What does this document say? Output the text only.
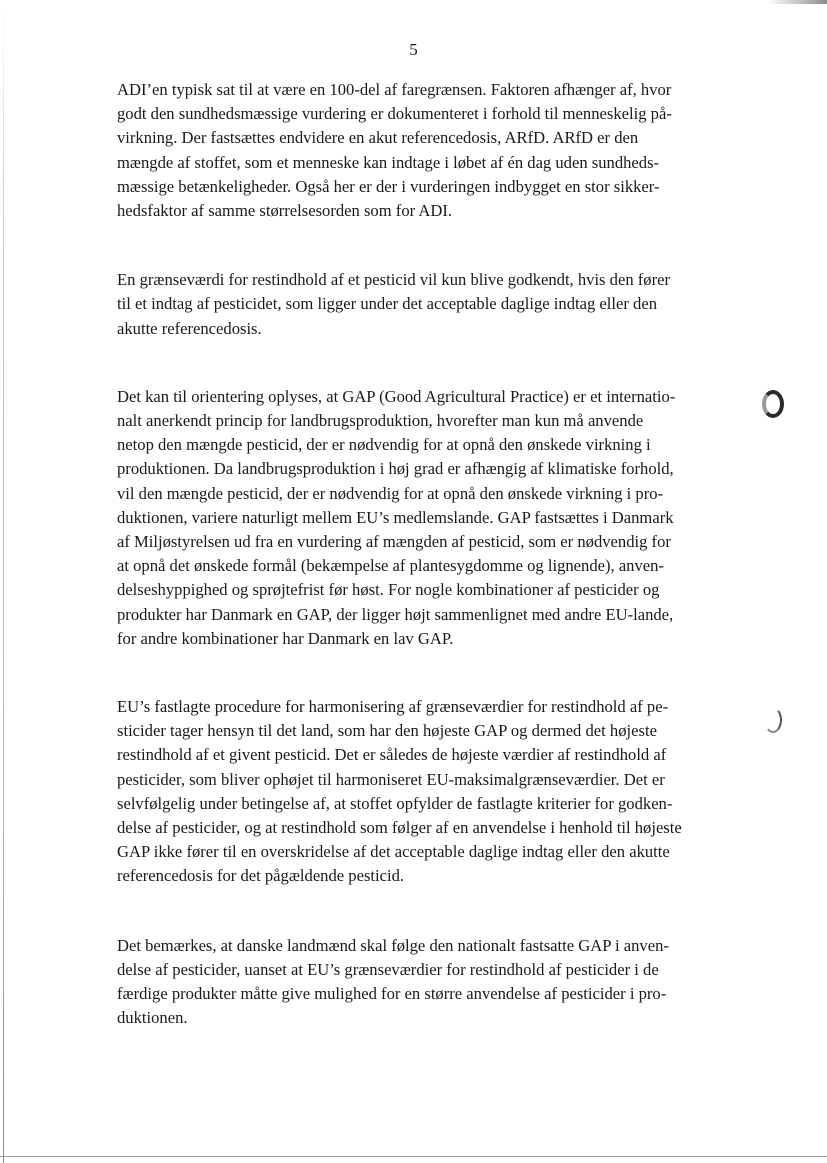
5

ADI’en typisk sat til at være en 100-del af faregrænsen. Faktoren afhænger af, hvor
godt den sundhedsmæssige vurdering er dokumenteret i forhold til menneskelig på-
virkning. Der fastsættes endvidere en akut referencedosis, ARfD. ARfD er den
mængde af stoffet, som et menneske kan indtage i løbet af én dag uden sundheds-
mæssige betænkeligheder. Også her er der i vurderingen indbygget en stor sikker-
hedsfaktor af samme størrelsesorden som for ADI.

En grænseværdi for restindhold af et pesticid vil kun blive godkendt, hvis den fører
til et indtag af pesticidet, som ligger under det acceptable daglige indtag eller den
akutte referencedosis.

Det kan til orientering oplyses, at GAP (Good Agricultural Practice) er et internatio-
nalt anerkendt princip for landbrugsproduktion, hvorefter man kun må anvende
netop den mængde pesticid, der er nødvendig for at opnå den ønskede virkning i
produktionen. Da landbrugsproduktion i høj grad er afhængig af klimatiske forhold,
vil den mængde pesticid, der er nødvendig for at opnå den ønskede virkning i pro-
duktionen, variere naturligt mellem EU’s medlemslande. GAP fastsættes i Danmark
af Miljøstyrelsen ud fra en vurdering af mængden af pesticid, som er nødvendig for
at opnå det ønskede formål (bekæmpelse af plantesygdomme og lignende), anven-
delseshyppighed og sprøjtefrist før høst. For nogle kombinationer af pesticider og
produkter har Danmark en GAP, der ligger højt sammenlignet med andre EU-lande,
for andre kombinationer har Danmark en lav GAP.

EU’s fastlagte procedure for harmonisering af grænseværdier for restindhold af pe-
sticider tager hensyn til det land, som har den højeste GAP og dermed det højeste
restindhold af et givent pesticid. Det er således de højeste værdier af restindhold af
pesticider, som bliver ophøjet til harmoniseret EU-maksimalgrænseværdier. Det er
selvfølgelig under betingelse af, at stoffet opfylder de fastlagte kriterier for godken-
delse af pesticider, og at restindhold som følger af en anvendelse i henhold til højeste
GAP ikke fører til en overskridelse af det acceptable daglige indtag eller den akutte
referencedosis for det pågældende pesticid.

Det bemærkes, at danske landmænd skal følge den nationalt fastsatte GAP i anven-
delse af pesticider, uanset at EU’s grænseværdier for restindhold af pesticider i de
færdige produkter måtte give mulighed for en større anvendelse af pesticider i pro-
duktionen.
